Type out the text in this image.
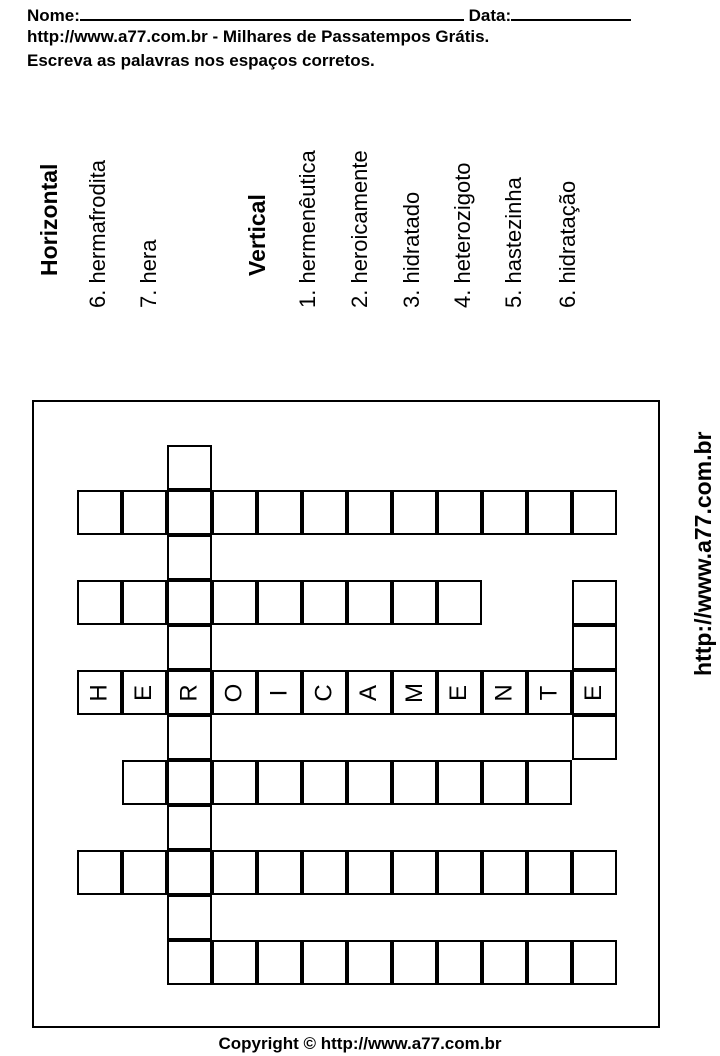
Nome:	Data:
http://www.a77.com.br - Milhares de Passatempos Grátis.
Escreva as palavras nos espaços corretos.
Horizontal 6. hermafrodita 7. hera	Vertical 1. hermenêutica 2. heroicamente 3. hidratado 4. heterozigoto 5. hastezinha 6. hidratação
http://www.a77.com.br
H E R O I C A M E N T E
Copyright © http://www.a77.com.br
